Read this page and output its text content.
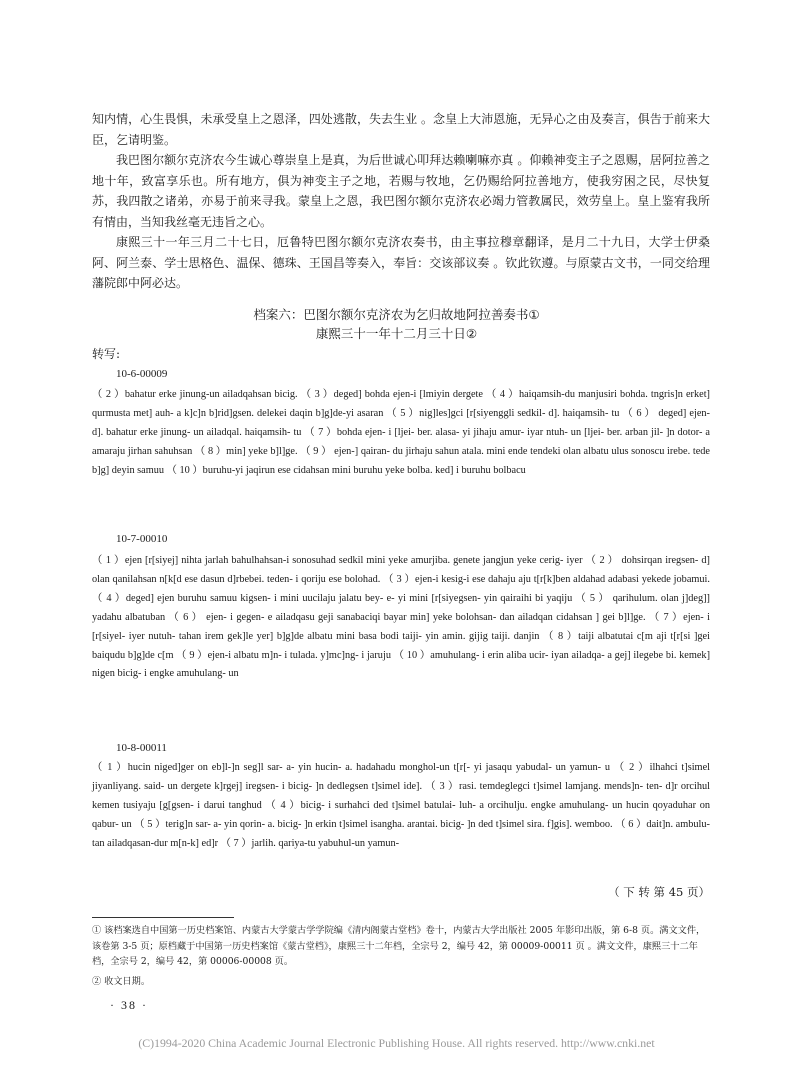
知内情，心生畏惧，未承受皇上之恩泽，四处逃散，失去生业 。念皇上大沛恩施，无异心之由及奏言，俱告于前来大臣，乞请明鉴。

我巴图尔额尔克济农今生诚心尊崇皇上是真，为后世诚心叩拜达赖喇嘛亦真 。仰赖神变主子之恩赐，居阿拉善之地十年，致富享乐也。所有地方，俱为神变主子之地，若赐与牧地，乞仍赐给阿拉善地方，使我穷困之民，尽快复苏，我四散之诸弟，亦易于前来寻我。蒙皇上之恩，我巴图尔额尔克济农必竭力管教属民，效劳皇上。皇上鉴宥我所有情由，当知我丝毫无违旨之心。

康熙三十一年三月二十七日，厄鲁特巴图尔额尔克济农奏书，由主事拉穆章翻译，是月二十九日，大学士伊桑阿、阿兰泰、学士思格色、温保、德珠、王国昌等奏入，奉旨：交该部议奏 。钦此钦遵。与原蒙古文书，一同交给理藩院郎中阿必达。

档案六：巴图尔额尔克济农为乞归故地阿拉善奏书①

康熙三十一年十二月三十日②

转写:

10-6-00009

（ 2 ）bahatur erke jinung-un ailadqahsan bicig. （ 3 ）deged] bohda ejen-i [lmiyin dergete （ 4 ）haiqamsih-du manjusiri bohda. tngris]n erket] qurmusta met] auh- a k]c]n b]rid]gsen. delekei daqin b]g]de-yi asaran （ 5 ）nig]les]gci [r[siyenggli sedkil- d]. haiqamsih- tu （ 6 ） deged] ejen- d]. bahatur erke jinung- un ailadqal. haiqamsih- tu （ 7 ）bohda ejen- i [ljei- ber. alasa- yi jihaju amur- iyar ntuh- un [ljei- ber. arban jil- ]n dotor- a amaraju jirhan sahuhsan （ 8 ）min] yeke b]l]ge. （ 9 ） ejen-] qairan- du jirhaju sahun atala. mini ende tendeki olan albatu ulus sonoscu irebe. tede b]g] deyin samuu （ 10 ）buruhu-yi jaqirun ese cidahsan mini buruhu yeke bolba. ked] i buruhu bolbacu

10-7-00010

（ 1 ）ejen [r[siyej] nihta jarlah bahulhahsan-i sonosuhad sedkil mini yeke amurjiba. genete jangjun yeke cerig- iyer （ 2 ） dohsirqan iregsen- d] olan qanilahsan n[k[d ese dasun d]rbebei. teden- i qoriju ese bolohad. （ 3 ）ejen-i kesig-i ese dahaju aju t[r[k]ben aldahad adabasi yekede jobamui. （ 4 ）deged] ejen buruhu samuu kigsen- i mini uucilaju jalatu bey- e- yi mini [r[siyegsen- yin qairaihi bi yaqiju （ 5 ） qarihulum. olan j]deg]] yadahu albatuban （ 6 ） ejen- i gegen- e ailadqasu geji sanabaciqi bayar min] yeke bolohsan- dan ailadqan cidahsan ] gei b]l]ge. （ 7 ）ejen- i [r[siyel- iyer nutuh- tahan irem gek]le yer] b]g]de albatu mini basa bodi taiji- yin amin. gijig taiji. danjin （ 8 ）taiji albatutai c[m aji t[r[si ]gei baiqudu b]g]de c[m （ 9 ）ejen-i albatu m]n- i tulada. y]mc]ng- i jaruju （ 10 ）amuhulang- i erin aliba ucir- iyan ailadqa- a gej] ilegebe bi. kemek] nigen bicig- i engke amuhulang- un

10-8-00011

（ 1 ）hucin niged]ger on eb]l-]n seg]l sar- a- yin hucin- a. hadahadu monghol-un t[r[- yi jasaqu yabudal- un yamun- u （ 2 ）ilhahci t]simel jiyanliyang. said- un dergete k]rgej] iregsen- i bicig- ]n dedlegsen t]simel ide]. （ 3 ）rasi. temdeglegci t]simel lamjang. mends]n- ten- d]r orcihul kemen tusiyaju [g[gsen- i darui tanghud （ 4 ）bicig- i surhahci ded t]simel batulai- luh- a orcihulju. engke amuhulang- un hucin qoyaduhar on qabur- un （ 5 ）terig]n sar- a- yin qorin- a. bicig- ]n erkin t]simel isangha. arantai. bicig- ]n ded t]simel sira. f]gis]. wemboo. （ 6 ）dait]n. ambulu-tan ailadqasan-dur m[n-k] ed]r （ 7 ）jarlih. qariya-tu yabuhul-un yamun-

（ 下 转 第 45 页）

① 该档案选自中国第一历史档案馆、内蒙古大学蒙古学学院编《清内阁蒙古堂档》卷十，内蒙古大学出版社 2005 年影印出版，第 6-8 页。满文文件，该卷第 3-5 页；原档藏于中国第一历史档案馆《蒙古堂档》，康熙三十二年档，全宗号 2，编号 42，第 00009-00011 页 。满文文件，康熙三十二年档，全宗号 2，编号 42，第 00006-00008 页。

② 收文日期。

· 38 ·

(C)1994-2020 China Academic Journal Electronic Publishing House. All rights reserved. http://www.cnki.net
